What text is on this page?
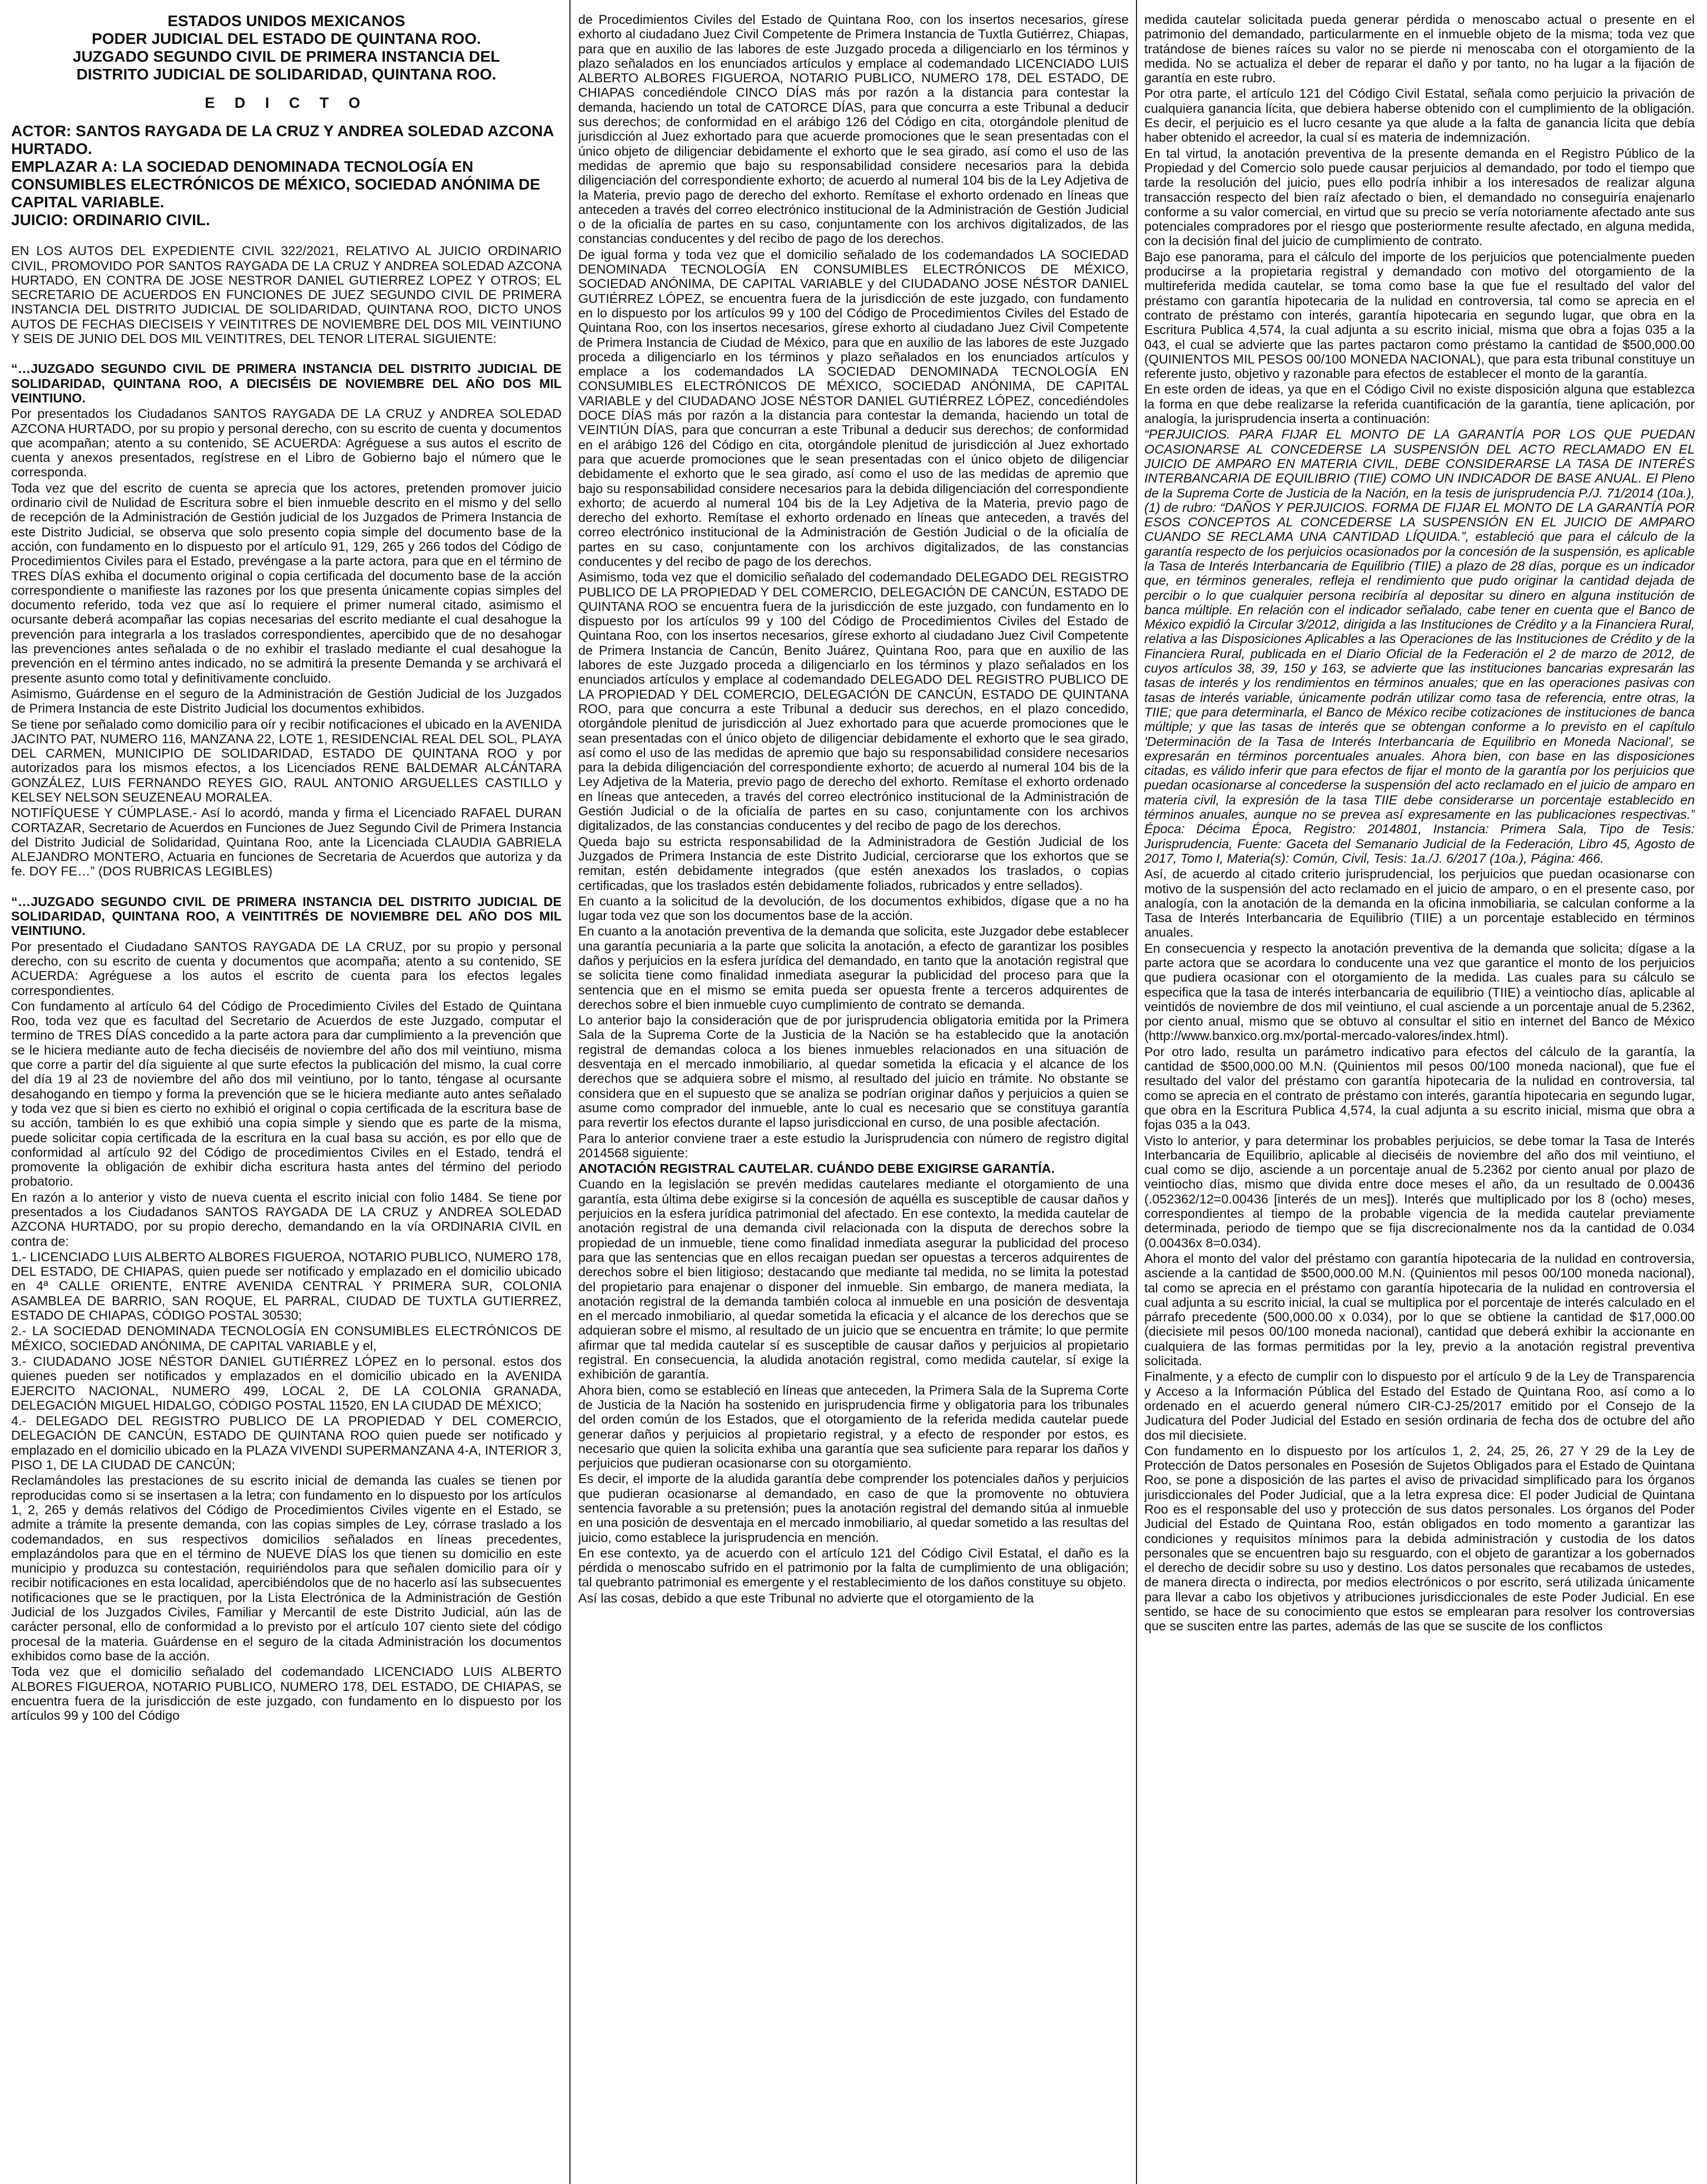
ESTADOS UNIDOS MEXICANOS
PODER JUDICIAL DEL ESTADO DE QUINTANA ROO.
JUZGADO SEGUNDO CIVIL DE PRIMERA INSTANCIA DEL
DISTRITO JUDICIAL DE SOLIDARIDAD, QUINTANA ROO.
E D I C T O

ACTOR: SANTOS RAYGADA DE LA CRUZ Y ANDREA SOLEDAD AZCONA HURTADO.

EMPLAZAR A: LA SOCIEDAD DENOMINADA TECNOLOGÍA EN CONSUMIBLES ELECTRÓNICOS DE MÉXICO, SOCIEDAD ANÓNIMA DE CAPITAL VARIABLE.

JUICIO: ORDINARIO CIVIL.

EN LOS AUTOS DEL EXPEDIENTE CIVIL 322/2021, RELATIVO AL JUICIO ORDINARIO CIVIL, PROMOVIDO POR SANTOS RAYGADA DE LA CRUZ Y ANDREA SOLEDAD AZCONA HURTADO, EN CONTRA DE JOSE NESTROR DANIEL GUTIERREZ LOPEZ Y OTROS; EL SECRETARIO DE ACUERDOS EN FUNCIONES DE JUEZ SEGUNDO CIVIL DE PRIMERA INSTANCIA DEL DISTRITO JUDICIAL DE SOLIDARIDAD, QUINTANA ROO, DICTO UNOS AUTOS DE FECHAS DIECISEIS Y VEINTITRES DE NOVIEMBRE DEL DOS MIL VEINTIUNO Y SEIS DE JUNIO DEL DOS MIL VEINTITRES, DEL TENOR LITERAL SIGUIENTE:

“…JUZGADO SEGUNDO CIVIL DE PRIMERA INSTANCIA DEL DISTRITO JUDICIAL DE SOLIDARIDAD, QUINTANA ROO, A DIECISÉIS DE NOVIEMBRE DEL AÑO DOS MIL VEINTIUNO.

Por presentados los Ciudadanos SANTOS RAYGADA DE LA CRUZ y ANDREA SOLEDAD AZCONA HURTADO, por su propio y personal derecho, con su escrito de cuenta y documentos que acompañan; atento a su contenido, SE ACUERDA: Agréguese a sus autos el escrito de cuenta y anexos presentados, regístrese en el Libro de Gobierno bajo el número que le corresponda.

Toda vez que del escrito de cuenta se aprecia que los actores, pretenden promover juicio ordinario civil de Nulidad de Escritura sobre el bien inmueble descrito en el mismo y del sello de recepción de la Administración de Gestión judicial de los Juzgados de Primera Instancia de este Distrito Judicial, se observa que solo presento copia simple del documento base de la acción, con fundamento en lo dispuesto por el artículo 91, 129, 265 y 266 todos del Código de Procedimientos Civiles para el Estado, prevéngase a la parte actora, para que en el término de TRES DÍAS exhiba el documento original o copia certificada del documento base de la acción correspondiente o manifieste las razones por los que presenta únicamente copias simples del documento referido, toda vez que así lo requiere el primer numeral citado, asimismo el ocursante deberá acompañar las copias necesarias del escrito mediante el cual desahogue la prevención para integrarla a los traslados correspondientes, apercibido que de no desahogar las prevenciones antes señalada o de no exhibir el traslado mediante el cual desahogue la prevención en el término antes indicado, no se admitirá la presente Demanda y se archivará el presente asunto como total y definitivamente concluido.

Asimismo, Guárdense en el seguro de la Administración de Gestión Judicial de los Juzgados de Primera Instancia de este Distrito Judicial los documentos exhibidos.

Se tiene por señalado como domicilio para oír y recibir notificaciones el ubicado en la AVENIDA JACINTO PAT, NUMERO 116, MANZANA 22, LOTE 1, RESIDENCIAL REAL DEL SOL, PLAYA DEL CARMEN, MUNICIPIO DE SOLIDARIDAD, ESTADO DE QUINTANA ROO y por autorizados para los mismos efectos, a los Licenciados RENE BALDEMAR ALCÁNTARA GONZÁLEZ, LUIS FERNANDO REYES GIO, RAUL ANTONIO ARGUELLES CASTILLO y KELSEY NELSON SEUZENEAU MORALEA.

NOTIFÍQUESE Y CÚMPLASE.- Así lo acordó, manda y firma el Licenciado RAFAEL DURAN CORTAZAR, Secretario de Acuerdos en Funciones de Juez Segundo Civil de Primera Instancia del Distrito Judicial de Solidaridad, Quintana Roo, ante la Licenciada CLAUDIA GABRIELA ALEJANDRO MONTERO, Actuaria en funciones de Secretaria de Acuerdos que autoriza y da fe. DOY FE…” (DOS RUBRICAS LEGIBLES)

“…JUZGADO SEGUNDO CIVIL DE PRIMERA INSTANCIA DEL DISTRITO JUDICIAL DE SOLIDARIDAD, QUINTANA ROO, A VEINTITRÉS DE NOVIEMBRE DEL AÑO DOS MIL VEINTIUNO.

Por presentado el Ciudadano SANTOS RAYGADA DE LA CRUZ, por su propio y personal derecho, con su escrito de cuenta y documentos que acompaña; atento a su contenido, SE ACUERDA: Agréguese a los autos el escrito de cuenta para los efectos legales correspondientes.

Con fundamento al artículo 64 del Código de Procedimiento Civiles del Estado de Quintana Roo, toda vez que es facultad del Secretario de Acuerdos de este Juzgado, computar el termino de TRES DÍAS concedido a la parte actora para dar cumplimiento a la prevención que se le hiciera mediante auto de fecha dieciséis de noviembre del año dos mil veintiuno, misma que corre a partir del día siguiente al que surte efectos la publicación del mismo, la cual corre del día 19 al 23 de noviembre del año dos mil veintiuno, por lo tanto, téngase al ocursante desahogando en tiempo y forma la prevención que se le hiciera mediante auto antes señalado y toda vez que si bien es cierto no exhibió el original o copia certificada de la escritura base de su acción, también lo es que exhibió una copia simple y siendo que es parte de la misma, puede solicitar copia certificada de la escritura en la cual basa su acción, es por ello que de conformidad al artículo 92 del Código de procedimientos Civiles en el Estado, tendrá el promovente la obligación de exhibir dicha escritura hasta antes del término del periodo probatorio.

En razón a lo anterior y visto de nueva cuenta el escrito inicial con folio 1484. Se tiene por presentados a los Ciudadanos SANTOS RAYGADA DE LA CRUZ y ANDREA SOLEDAD AZCONA HURTADO, por su propio derecho, demandando en la vía ORDINARIA CIVIL en contra de:

1.- LICENCIADO LUIS ALBERTO ALBORES FIGUEROA, NOTARIO PUBLICO, NUMERO 178, DEL ESTADO, DE CHIAPAS, quien puede ser notificado y emplazado en el domicilio ubicado en 4ª CALLE ORIENTE, ENTRE AVENIDA CENTRAL Y PRIMERA SUR, COLONIA ASAMBLEA DE BARRIO, SAN ROQUE, EL PARRAL, CIUDAD DE TUXTLA GUTIERREZ, ESTADO DE CHIAPAS, CÓDIGO POSTAL 30530;

2.- LA SOCIEDAD DENOMINADA TECNOLOGÍA EN CONSUMIBLES ELECTRÓNICOS DE MÉXICO, SOCIEDAD ANÓNIMA, DE CAPITAL VARIABLE y el,

3.- CIUDADANO JOSE NÉSTOR DANIEL GUTIÉRREZ LÓPEZ en lo personal. estos dos quienes pueden ser notificados y emplazados en el domicilio ubicado en la AVENIDA EJERCITO NACIONAL, NUMERO 499, LOCAL 2, DE LA COLONIA GRANADA, DELEGACIÓN MIGUEL HIDALGO, CÓDIGO POSTAL 11520, EN LA CIUDAD DE MÉXICO;

4.- DELEGADO DEL REGISTRO PUBLICO DE LA PROPIEDAD Y DEL COMERCIO, DELEGACIÓN DE CANCÚN, ESTADO DE QUINTANA ROO quien puede ser notificado y emplazado en el domicilio ubicado en la PLAZA VIVENDI SUPERMANZANA 4-A, INTERIOR 3, PISO 1, DE LA CIUDAD DE CANCÚN;

Reclamándoles las prestaciones de su escrito inicial de demanda las cuales se tienen por reproducidas como si se insertasen a la letra; con fundamento en lo dispuesto por los artículos 1, 2, 265 y demás relativos del Código de Procedimientos Civiles vigente en el Estado, se admite a trámite la presente demanda, con las copias simples de Ley, córrase traslado a los codemandados, en sus respectivos domicilios señalados en líneas precedentes, emplazándolos para que en el término de NUEVE DÍAS los que tienen su domicilio en este municipio y produzca su contestación, requiriéndolos para que señalen domicilio para oír y recibir notificaciones en esta localidad, apercibiéndolos que de no hacerlo así las subsecuentes notificaciones que se le practiquen, por la Lista Electrónica de la Administración de Gestión Judicial de los Juzgados Civiles, Familiar y Mercantil de este Distrito Judicial, aún las de carácter personal, ello de conformidad a lo previsto por el artículo 107 ciento siete del código procesal de la materia. Guárdense en el seguro de la citada Administración los documentos exhibidos como base de la acción.

Toda vez que el domicilio señalado del codemandado LICENCIADO LUIS ALBERTO ALBORES FIGUEROA, NOTARIO PUBLICO, NUMERO 178, DEL ESTADO, DE CHIAPAS, se encuentra fuera de la jurisdicción de este juzgado, con fundamento en lo dispuesto por los artículos 99 y 100 del Código

de Procedimientos Civiles del Estado de Quintana Roo, con los insertos necesarios, gírese exhorto al ciudadano Juez Civil Competente de Primera Instancia de Tuxtla Gutiérrez, Chiapas, para que en auxilio de las labores de este Juzgado proceda a diligenciarlo en los términos y plazo señalados en los enunciados artículos y emplace al codemandado LICENCIADO LUIS ALBERTO ALBORES FIGUEROA, NOTARIO PUBLICO, NUMERO 178, DEL ESTADO, DE CHIAPAS concediéndole CINCO DÍAS más por razón a la distancia para contestar la demanda, haciendo un total de CATORCE DÍAS, para que concurra a este Tribunal a deducir sus derechos; de conformidad en el arábigo 126 del Código en cita, otorgándole plenitud de jurisdicción al Juez exhortado para que acuerde promociones que le sean presentadas con el único objeto de diligenciar debidamente el exhorto que le sea girado, así como el uso de las medidas de apremio que bajo su responsabilidad considere necesarios para la debida diligenciación del correspondiente exhorto; de acuerdo al numeral 104 bis de la Ley Adjetiva de la Materia, previo pago de derecho del exhorto. Remítase el exhorto ordenado en líneas que anteceden a través del correo electrónico institucional de la Administración de Gestión Judicial o de la oficialía de partes en su caso, conjuntamente con los archivos digitalizados, de las constancias conducentes y del recibo de pago de los derechos.

De igual forma y toda vez que el domicilio señalado de los codemandados LA SOCIEDAD DENOMINADA TECNOLOGÍA EN CONSUMIBLES ELECTRÓNICOS DE MÉXICO, SOCIEDAD ANÓNIMA, DE CAPITAL VARIABLE y del CIUDADANO JOSE NÉSTOR DANIEL GUTIÉRREZ LÓPEZ, se encuentra fuera de la jurisdicción de este juzgado, con fundamento en lo dispuesto por los artículos 99 y 100 del Código de Procedimientos Civiles del Estado de Quintana Roo, con los insertos necesarios, gírese exhorto al ciudadano Juez Civil Competente de Primera Instancia de Ciudad de México, para que en auxilio de las labores de este Juzgado proceda a diligenciarlo en los términos y plazo señalados en los enunciados artículos y emplace a los codemandados LA SOCIEDAD DENOMINADA TECNOLOGÍA EN CONSUMIBLES ELECTRÓNICOS DE MÉXICO, SOCIEDAD ANÓNIMA, DE CAPITAL VARIABLE y del CIUDADANO JOSE NÉSTOR DANIEL GUTIÉRREZ LÓPEZ, concediéndoles DOCE DÍAS más por razón a la distancia para contestar la demanda, haciendo un total de VEINTIÚN DÍAS, para que concurran a este Tribunal a deducir sus derechos; de conformidad en el arábigo 126 del Código en cita, otorgándole plenitud de jurisdicción al Juez exhortado para que acuerde promociones que le sean presentadas con el único objeto de diligenciar debidamente el exhorto que le sea girado, así como el uso de las medidas de apremio que bajo su responsabilidad considere necesarios para la debida diligenciación del correspondiente exhorto; de acuerdo al numeral 104 bis de la Ley Adjetiva de la Materia, previo pago de derecho del exhorto. Remítase el exhorto ordenado en líneas que anteceden, a través del correo electrónico institucional de la Administración de Gestión Judicial o de la oficialía de partes en su caso, conjuntamente con los archivos digitalizados, de las constancias conducentes y del recibo de pago de los derechos.

Asimismo, toda vez que el domicilio señalado del codemandado DELEGADO DEL REGISTRO PUBLICO DE LA PROPIEDAD Y DEL COMERCIO, DELEGACIÓN DE CANCÚN, ESTADO DE QUINTANA ROO se encuentra fuera de la jurisdicción de este juzgado, con fundamento en lo dispuesto por los artículos 99 y 100 del Código de Procedimientos Civiles del Estado de Quintana Roo, con los insertos necesarios, gírese exhorto al ciudadano Juez Civil Competente de Primera Instancia de Cancún, Benito Juárez, Quintana Roo, para que en auxilio de las labores de este Juzgado proceda a diligenciarlo en los términos y plazo señalados en los enunciados artículos y emplace al codemandado DELEGADO DEL REGISTRO PUBLICO DE LA PROPIEDAD Y DEL COMERCIO, DELEGACIÓN DE CANCÚN, ESTADO DE QUINTANA ROO, para que concurra a este Tribunal a deducir sus derechos, en el plazo concedido, otorgándole plenitud de jurisdicción al Juez exhortado para que acuerde promociones que le sean presentadas con el único objeto de diligenciar debidamente el exhorto que le sea girado, así como el uso de las medidas de apremio que bajo su responsabilidad considere necesarios para la debida diligenciación del correspondiente exhorto; de acuerdo al numeral 104 bis de la Ley Adjetiva de la Materia, previo pago de derecho del exhorto. Remítase el exhorto ordenado en líneas que anteceden, a través del correo electrónico institucional de la Administración de Gestión Judicial o de la oficialía de partes en su caso, conjuntamente con los archivos digitalizados, de las constancias conducentes y del recibo de pago de los derechos.

Queda bajo su estricta responsabilidad de la Administradora de Gestión Judicial de los Juzgados de Primera Instancia de este Distrito Judicial, cerciorarse que los exhortos que se remitan, estén debidamente integrados (que estén anexados los traslados, o copias certificadas, que los traslados estén debidamente foliados, rubricados y entre sellados).

En cuanto a la solicitud de la devolución, de los documentos exhibidos, dígase que a no ha lugar toda vez que son los documentos base de la acción.

En cuanto a la anotación preventiva de la demanda que solicita, este Juzgador debe establecer una garantía pecuniaria a la parte que solicita la anotación, a efecto de garantizar los posibles daños y perjuicios en la esfera jurídica del demandado, en tanto que la anotación registral que se solicita tiene como finalidad inmediata asegurar la publicidad del proceso para que la sentencia que en el mismo se emita pueda ser opuesta frente a terceros adquirentes de derechos sobre el bien inmueble cuyo cumplimiento de contrato se demanda.

Lo anterior bajo la consideración que de por jurisprudencia obligatoria emitida por la Primera Sala de la Suprema Corte de la Justicia de la Nación se ha establecido que la anotación registral de demandas coloca a los bienes inmuebles relacionados en una situación de desventaja en el mercado inmobiliario, al quedar sometida la eficacia y el alcance de los derechos que se adquiera sobre el mismo, al resultado del juicio en trámite. No obstante se considera que en el supuesto que se analiza se podrían originar daños y perjuicios a quien se asume como comprador del inmueble, ante lo cual es necesario que se constituya garantía para revertir los efectos durante el lapso jurisdiccional en curso, de una posible afectación.

Para lo anterior conviene traer a este estudio la Jurisprudencia con número de registro digital 2014568 siguiente:

ANOTACIÓN REGISTRAL CAUTELAR. CUÁNDO DEBE EXIGIRSE GARANTÍA.

Cuando en la legislación se prevén medidas cautelares mediante el otorgamiento de una garantía, esta última debe exigirse si la concesión de aquélla es susceptible de causar daños y perjuicios en la esfera jurídica patrimonial del afectado. En ese contexto, la medida cautelar de anotación registral de una demanda civil relacionada con la disputa de derechos sobre la propiedad de un inmueble, tiene como finalidad inmediata asegurar la publicidad del proceso para que las sentencias que en ellos recaigan puedan ser opuestas a terceros adquirentes de derechos sobre el bien litigioso; destacando que mediante tal medida, no se limita la potestad del propietario para enajenar o disponer del inmueble. Sin embargo, de manera mediata, la anotación registral de la demanda también coloca al inmueble en una posición de desventaja en el mercado inmobiliario, al quedar sometida la eficacia y el alcance de los derechos que se adquieran sobre el mismo, al resultado de un juicio que se encuentra en trámite; lo que permite afirmar que tal medida cautelar sí es susceptible de causar daños y perjuicios al propietario registral. En consecuencia, la aludida anotación registral, como medida cautelar, sí exige la exhibición de garantía.

Ahora bien, como se estableció en líneas que anteceden, la Primera Sala de la Suprema Corte de Justicia de la Nación ha sostenido en jurisprudencia firme y obligatoria para los tribunales del orden común de los Estados, que el otorgamiento de la referida medida cautelar puede generar daños y perjuicios al propietario registral, y a efecto de responder por estos, es necesario que quien la solicita exhiba una garantía que sea suficiente para reparar los daños y perjuicios que pudieran ocasionarse con su otorgamiento.

Es decir, el importe de la aludida garantía debe comprender los potenciales daños y perjuicios que pudieran ocasionarse al demandado, en caso de que la promovente no obtuviera sentencia favorable a su pretensión; pues la anotación registral del demando sitúa al inmueble en una posición de desventaja en el mercado inmobiliario, al quedar sometido a las resultas del juicio, como establece la jurisprudencia en mención.

En ese contexto, ya de acuerdo con el artículo 121 del Código Civil Estatal, el daño es la pérdida o menoscabo sufrido en el patrimonio por la falta de cumplimiento de una obligación; tal quebranto patrimonial es emergente y el restablecimiento de los daños constituye su objeto.

Así las cosas, debido a que este Tribunal no advierte que el otorgamiento de la

medida cautelar solicitada pueda generar pérdida o menoscabo actual o presente en el patrimonio del demandado, particularmente en el inmueble objeto de la misma; toda vez que tratándose de bienes raíces su valor no se pierde ni menoscaba con el otorgamiento de la medida. No se actualiza el deber de reparar el daño y por tanto, no ha lugar a la fijación de garantía en este rubro.

Por otra parte, el artículo 121 del Código Civil Estatal, señala como perjuicio la privación de cualquiera ganancia lícita, que debiera haberse obtenido con el cumplimiento de la obligación. Es decir, el perjuicio es el lucro cesante ya que alude a la falta de ganancia lícita que debía haber obtenido el acreedor, la cual sí es materia de indemnización.

En tal virtud, la anotación preventiva de la presente demanda en el Registro Público de la Propiedad y del Comercio solo puede causar perjuicios al demandado, por todo el tiempo que tarde la resolución del juicio, pues ello podría inhibir a los interesados de realizar alguna transacción respecto del bien raíz afectado o bien, el demandado no conseguiría enajenarlo conforme a su valor comercial, en virtud que su precio se vería notoriamente afectado ante sus potenciales compradores por el riesgo que posteriormente resulte afectado, en alguna medida, con la decisión final del juicio de cumplimiento de contrato.

Bajo ese panorama, para el cálculo del importe de los perjuicios que potencialmente pueden producirse a la propietaria registral y demandado con motivo del otorgamiento de la multireferida medida cautelar, se toma como base la que fue el resultado del valor del préstamo con garantía hipotecaria de la nulidad en controversia, tal como se aprecia en el contrato de préstamo con interés, garantía hipotecaria en segundo lugar, que obra en la Escritura Publica 4,574, la cual adjunta a su escrito inicial, misma que obra a fojas 035 a la 043, el cual se advierte que las partes pactaron como préstamo la cantidad de $500,000.00 (QUINIENTOS MIL PESOS 00/100 MONEDA NACIONAL), que para esta tribunal constituye un referente justo, objetivo y razonable para efectos de establecer el monto de la garantía.

En este orden de ideas, ya que en el Código Civil no existe disposición alguna que establezca la forma en que debe realizarse la referida cuantificación de la garantía, tiene aplicación, por analogía, la jurisprudencia inserta a continuación:

“PERJUICIOS. PARA FIJAR EL MONTO DE LA GARANTÍA POR LOS QUE PUEDAN OCASIONARSE AL CONCEDERSE LA SUSPENSIÓN DEL ACTO RECLAMADO EN EL JUICIO DE AMPARO EN MATERIA CIVIL, DEBE CONSIDERARSE LA TASA DE INTERÉS INTERBANCARIA DE EQUILIBRIO (TIIE) COMO UN INDICADOR DE BASE ANUAL. El Pleno de la Suprema Corte de Justicia de la Nación, en la tesis de jurisprudencia P./J. 71/2014 (10a.), (1) de rubro: “DAÑOS Y PERJUICIOS. FORMA DE FIJAR EL MONTO DE LA GARANTÍA POR ESOS CONCEPTOS AL CONCEDERSE LA SUSPENSIÓN EN EL JUICIO DE AMPARO CUANDO SE RECLAMA UNA CANTIDAD LÍQUIDA.”, estableció que para el cálculo de la garantía respecto de los perjuicios ocasionados por la concesión de la suspensión, es aplicable la Tasa de Interés Interbancaria de Equilibrio (TIIE) a plazo de 28 días, porque es un indicador que, en términos generales, refleja el rendimiento que pudo originar la cantidad dejada de percibir o lo que cualquier persona recibiría al depositar su dinero en alguna institución de banca múltiple. En relación con el indicador señalado, cabe tener en cuenta que el Banco de México expidió la Circular 3/2012, dirigida a las Instituciones de Crédito y a la Financiera Rural, relativa a las Disposiciones Aplicables a las Operaciones de las Instituciones de Crédito y de la Financiera Rural, publicada en el Diario Oficial de la Federación el 2 de marzo de 2012, de cuyos artículos 38, 39, 150 y 163, se advierte que las instituciones bancarias expresarán las tasas de interés y los rendimientos en términos anuales; que en las operaciones pasivas con tasas de interés variable, únicamente podrán utilizar como tasa de referencia, entre otras, la TIIE; que para determinarla, el Banco de México recibe cotizaciones de instituciones de banca múltiple; y que las tasas de interés que se obtengan conforme a lo previsto en el capítulo 'Determinación de la Tasa de Interés Interbancaria de Equilibrio en Moneda Nacional', se expresarán en términos porcentuales anuales. Ahora bien, con base en las disposiciones citadas, es válido inferir que para efectos de fijar el monto de la garantía por los perjuicios que puedan ocasionarse al concederse la suspensión del acto reclamado en el juicio de amparo en materia civil, la expresión de la tasa TIIE debe considerarse un porcentaje establecido en términos anuales, aunque no se prevea así expresamente en las publicaciones respectivas.” Época: Décima Época, Registro: 2014801, Instancia: Primera Sala, Tipo de Tesis: Jurisprudencia, Fuente: Gaceta del Semanario Judicial de la Federación, Libro 45, Agosto de 2017, Tomo I, Materia(s): Común, Civil, Tesis: 1a./J. 6/2017 (10a.), Página: 466.

Así, de acuerdo al citado criterio jurisprudencial, los perjuicios que puedan ocasionarse con motivo de la suspensión del acto reclamado en el juicio de amparo, o en el presente caso, por analogía, con la anotación de la demanda en la oficina inmobiliaria, se calculan conforme a la Tasa de Interés Interbancaria de Equilibrio (TIIE) a un porcentaje establecido en términos anuales.

En consecuencia y respecto la anotación preventiva de la demanda que solicita; dígase a la parte actora que se acordara lo conducente una vez que garantice el monto de los perjuicios que pudiera ocasionar con el otorgamiento de la medida. Las cuales para su cálculo se especifica que la tasa de interés interbancaria de equilibrio (TIIE) a veintiocho días, aplicable al veintidós de noviembre de dos mil veintiuno, el cual asciende a un porcentaje anual de 5.2362, por ciento anual, mismo que se obtuvo al consultar el sitio en internet del Banco de México (http://www.banxico.org.mx/portal-mercado-valores/index.html).

Por otro lado, resulta un parámetro indicativo para efectos del cálculo de la garantía, la cantidad de $500,000.00 M.N. (Quinientos mil pesos 00/100 moneda nacional), que fue el resultado del valor del préstamo con garantía hipotecaria de la nulidad en controversia, tal como se aprecia en el contrato de préstamo con interés, garantía hipotecaria en segundo lugar, que obra en la Escritura Publica 4,574, la cual adjunta a su escrito inicial, misma que obra a fojas 035 a la 043.

Visto lo anterior, y para determinar los probables perjuicios, se debe tomar la Tasa de Interés Interbancaria de Equilibrio, aplicable al dieciséis de noviembre del año dos mil veintiuno, el cual como se dijo, asciende a un porcentaje anual de 5.2362 por ciento anual por plazo de veintiocho días, mismo que divida entre doce meses el año, da un resultado de 0.00436 (.052362/12=0.00436 [interés de un mes]). Interés que multiplicado por los 8 (ocho) meses, correspondientes al tiempo de la probable vigencia de la medida cautelar previamente determinada, periodo de tiempo que se fija discrecionalmente nos da la cantidad de 0.034 (0.00436x 8=0.034).

Ahora el monto del valor del préstamo con garantía hipotecaria de la nulidad en controversia, asciende a la cantidad de $500,000.00 M.N. (Quinientos mil pesos 00/100 moneda nacional), tal como se aprecia en el préstamo con garantía hipotecaria de la nulidad en controversia el cual adjunta a su escrito inicial, la cual se multiplica por el porcentaje de interés calculado en el párrafo precedente (500,000.00 x 0.034), por lo que se obtiene la cantidad de $17,000.00 (diecisiete mil pesos 00/100 moneda nacional), cantidad que deberá exhibir la accionante en cualquiera de las formas permitidas por la ley, previo a la anotación registral preventiva solicitada.

Finalmente, y a efecto de cumplir con lo dispuesto por el artículo 9 de la Ley de Transparencia y Acceso a la Información Pública del Estado del Estado de Quintana Roo, así como a lo ordenado en el acuerdo general número CIR-CJ-25/2017 emitido por el Consejo de la Judicatura del Poder Judicial del Estado en sesión ordinaria de fecha dos de octubre del año dos mil diecisiete.

Con fundamento en lo dispuesto por los artículos 1, 2, 24, 25, 26, 27 Y 29 de la Ley de Protección de Datos personales en Posesión de Sujetos Obligados para el Estado de Quintana Roo, se pone a disposición de las partes el aviso de privacidad simplificado para los órganos jurisdiccionales del Poder Judicial, que a la letra expresa dice: El poder Judicial de Quintana Roo es el responsable del uso y protección de sus datos personales. Los órganos del Poder Judicial del Estado de Quintana Roo, están obligados en todo momento a garantizar las condiciones y requisitos mínimos para la debida administración y custodia de los datos personales que se encuentren bajo su resguardo, con el objeto de garantizar a los gobernados el derecho de decidir sobre su uso y destino. Los datos personales que recabamos de ustedes, de manera directa o indirecta, por medios electrónicos o por escrito, será utilizada únicamente para llevar a cabo los objetivos y atribuciones jurisdiccionales de este Poder Judicial. En ese sentido, se hace de su conocimiento que estos se emplearan para resolver los controversias que se susciten entre las partes, además de las que se suscite de los conflictos
